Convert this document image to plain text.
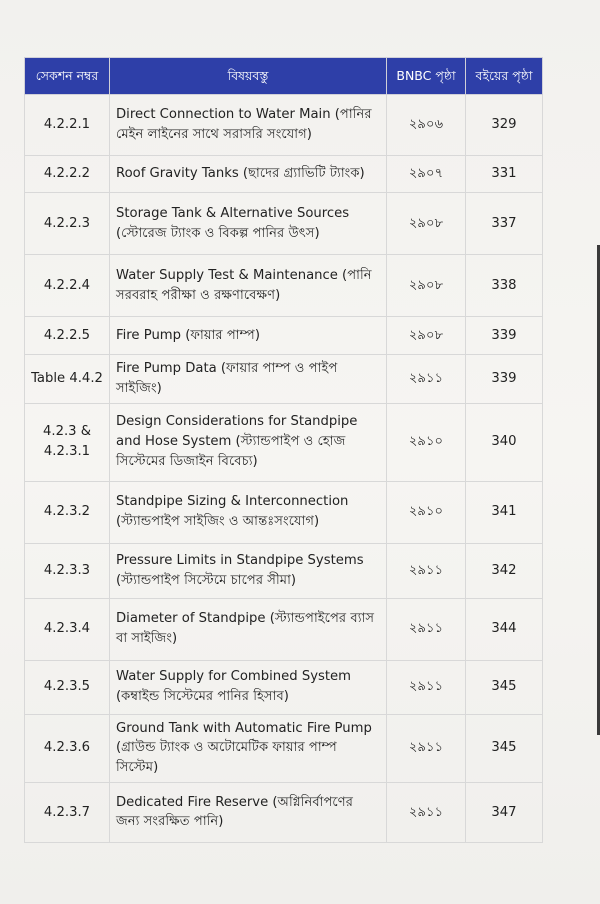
সেকশন নম্বর	বিষয়বস্তু	BNBC পৃষ্ঠা	বইয়ের পৃষ্ঠা
4.2.2.1	Direct Connection to Water Main (পানির মেইন লাইনের সাথে সরাসরি সংযোগ)	২৯০৬	329
4.2.2.2	Roof Gravity Tanks (ছাদের গ্র্যাভিটি ট্যাংক)	২৯০৭	331
4.2.2.3	Storage Tank & Alternative Sources (স্টোরেজ ট্যাংক ও বিকল্প পানির উৎস)	২৯০৮	337
4.2.2.4	Water Supply Test & Maintenance (পানি সরবরাহ পরীক্ষা ও রক্ষণাবেক্ষণ)	২৯০৮	338
4.2.2.5	Fire Pump (ফায়ার পাম্প)	২৯০৮	339
Table 4.4.2	Fire Pump Data (ফায়ার পাম্প ও পাইপ সাইজিং)	২৯১১	339
4.2.3 & 4.2.3.1	Design Considerations for Standpipe and Hose System (স্ট্যান্ডপাইপ ও হোজ সিস্টেমের ডিজাইন বিবেচ্য)	২৯১০	340
4.2.3.2	Standpipe Sizing & Interconnection (স্ট্যান্ডপাইপ সাইজিং ও আন্তঃসংযোগ)	২৯১০	341
4.2.3.3	Pressure Limits in Standpipe Systems (স্ট্যান্ডপাইপ সিস্টেমে চাপের সীমা)	২৯১১	342
4.2.3.4	Diameter of Standpipe (স্ট্যান্ডপাইপের ব্যাস বা সাইজিং)	২৯১১	344
4.2.3.5	Water Supply for Combined System (কম্বাইন্ড সিস্টেমের পানির হিসাব)	২৯১১	345
4.2.3.6	Ground Tank with Automatic Fire Pump (গ্রাউন্ড ট্যাংক ও অটোমেটিক ফায়ার পাম্প সিস্টেম)	২৯১১	345
4.2.3.7	Dedicated Fire Reserve (অগ্নিনির্বাপণের জন্য সংরক্ষিত পানি)	২৯১১	347
